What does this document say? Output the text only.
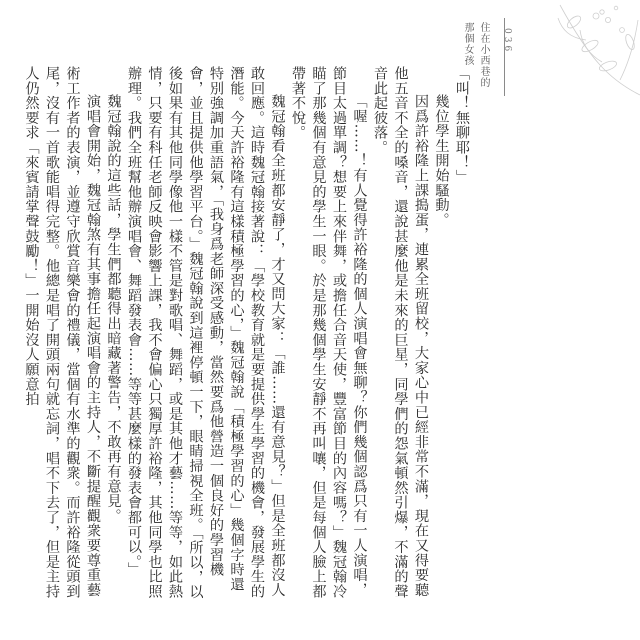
住在小西巷的
那個女孩	036

「叫！無聊耶！」

幾位學生開始騷動。

因爲許裕隆上課搗蛋，連累全班留校，大家心中已經非常不滿，現在又得要聽他五音不全的嗓音，還說甚麼他是未來的巨星，同學們的怨氣頓然引爆，不滿的聲音此起彼落。

「喔……！有人覺得許裕隆的個人演唱會無聊？你們幾個認爲只有一人演唱，節目太過單調？想要上來伴舞，或擔任合音天使，豐富節目的內容嗎？」魏冠翰冷瞄了那幾個有意見的學生一眼。於是那幾個學生安靜不再叫嚷，但是每個人臉上都帶著不悅。

魏冠翰看全班都安靜了，才又問大家：「誰……還有意見？」但是全班都沒人敢回應。這時魏冠翰接著說：「學校教育就是要提供學生學習的機會，發展學生的潛能。今天許裕隆有這樣積極學習的心，」魏冠翰說「積極學習的心」幾個字時還特別強調加重語氣，「我身爲老師深受感動，當然要爲他營造一個良好的學習機會，並且提供他學習平台。」魏冠翰說到這裡停頓一下，眼睛掃視全班。「所以，以後如果有其他同學像他一樣不管是對歌唱、舞蹈，或是其他才藝……等等，如此熱情，只要有科任老師反映會影響上課，我不會偏心只獨厚許裕隆，其他同學也比照辦理。我們全班幫他辦演唱會、舞蹈發表會……等等甚麼樣的發表會都可以。」

魏冠翰說的這些話，學生們都聽得出暗藏著警告，不敢再有意見。

演唱會開始，魏冠翰煞有其事擔任起演唱會的主持人，不斷提醒觀衆要尊重藝術工作者的表演，並遵守欣賞音樂會的禮儀，當個有水準的觀衆。而許裕隆從頭到尾，沒有一首歌能唱得完整。他總是唱了開頭兩句就忘詞，唱不下去了，但是主持人仍然要求「來賓請掌聲鼓勵！」一開始沒人願意拍
